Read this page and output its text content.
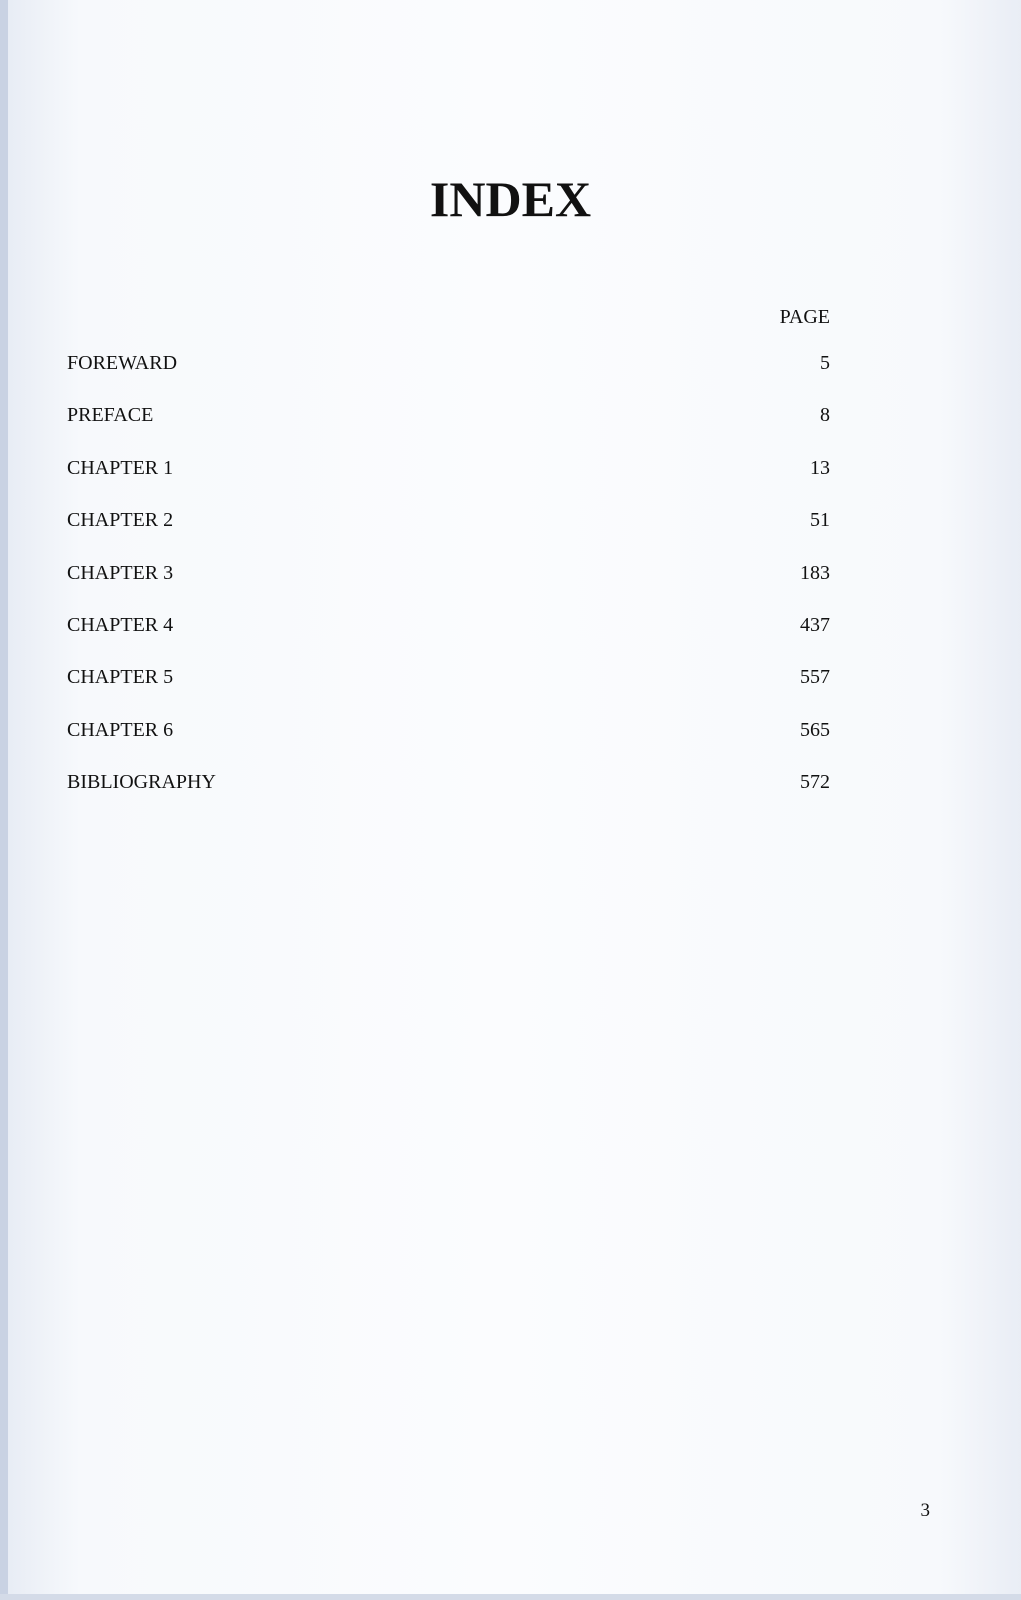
INDEX
PAGE
FOREWARD	5
PREFACE	8
CHAPTER 1	13
CHAPTER 2	51
CHAPTER 3	183
CHAPTER 4	437
CHAPTER 5	557
CHAPTER 6	565
BIBLIOGRAPHY	572
3
